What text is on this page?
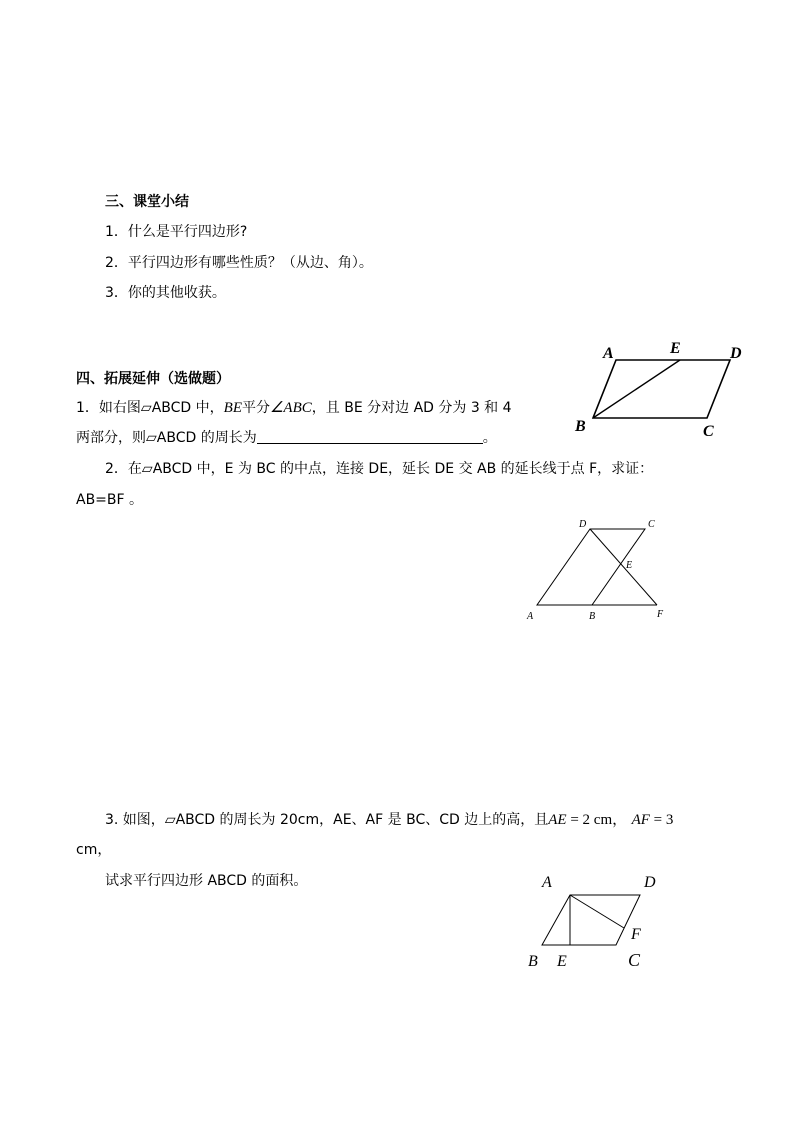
三、课堂小结
1．什么是平行四边形?
2．平行四边形有哪些性质？（从边、角）。
3．你的其他收获。
四、拓展延伸（选做题）
1．如右图▱ABCD 中，BE平分∠ABC，且 BE 分对边 AD 分为 3 和 4
两部分，则▱ABCD 的周长为	。
2．在▱ABCD 中，E 为 BC 的中点，连接 DE，延长 DE 交 AB 的延长线于点 F，求证：
AB=BF 。
3. 如图，▱ABCD 的周长为 20cm，AE、AF 是 BC、CD 边上的高，且AE = 2 cm， AF = 3
cm，
试求平行四边形 ABCD 的面积。
A	E	D
B	C
D	C
E
A	B	F
A	D
F
B E	C
